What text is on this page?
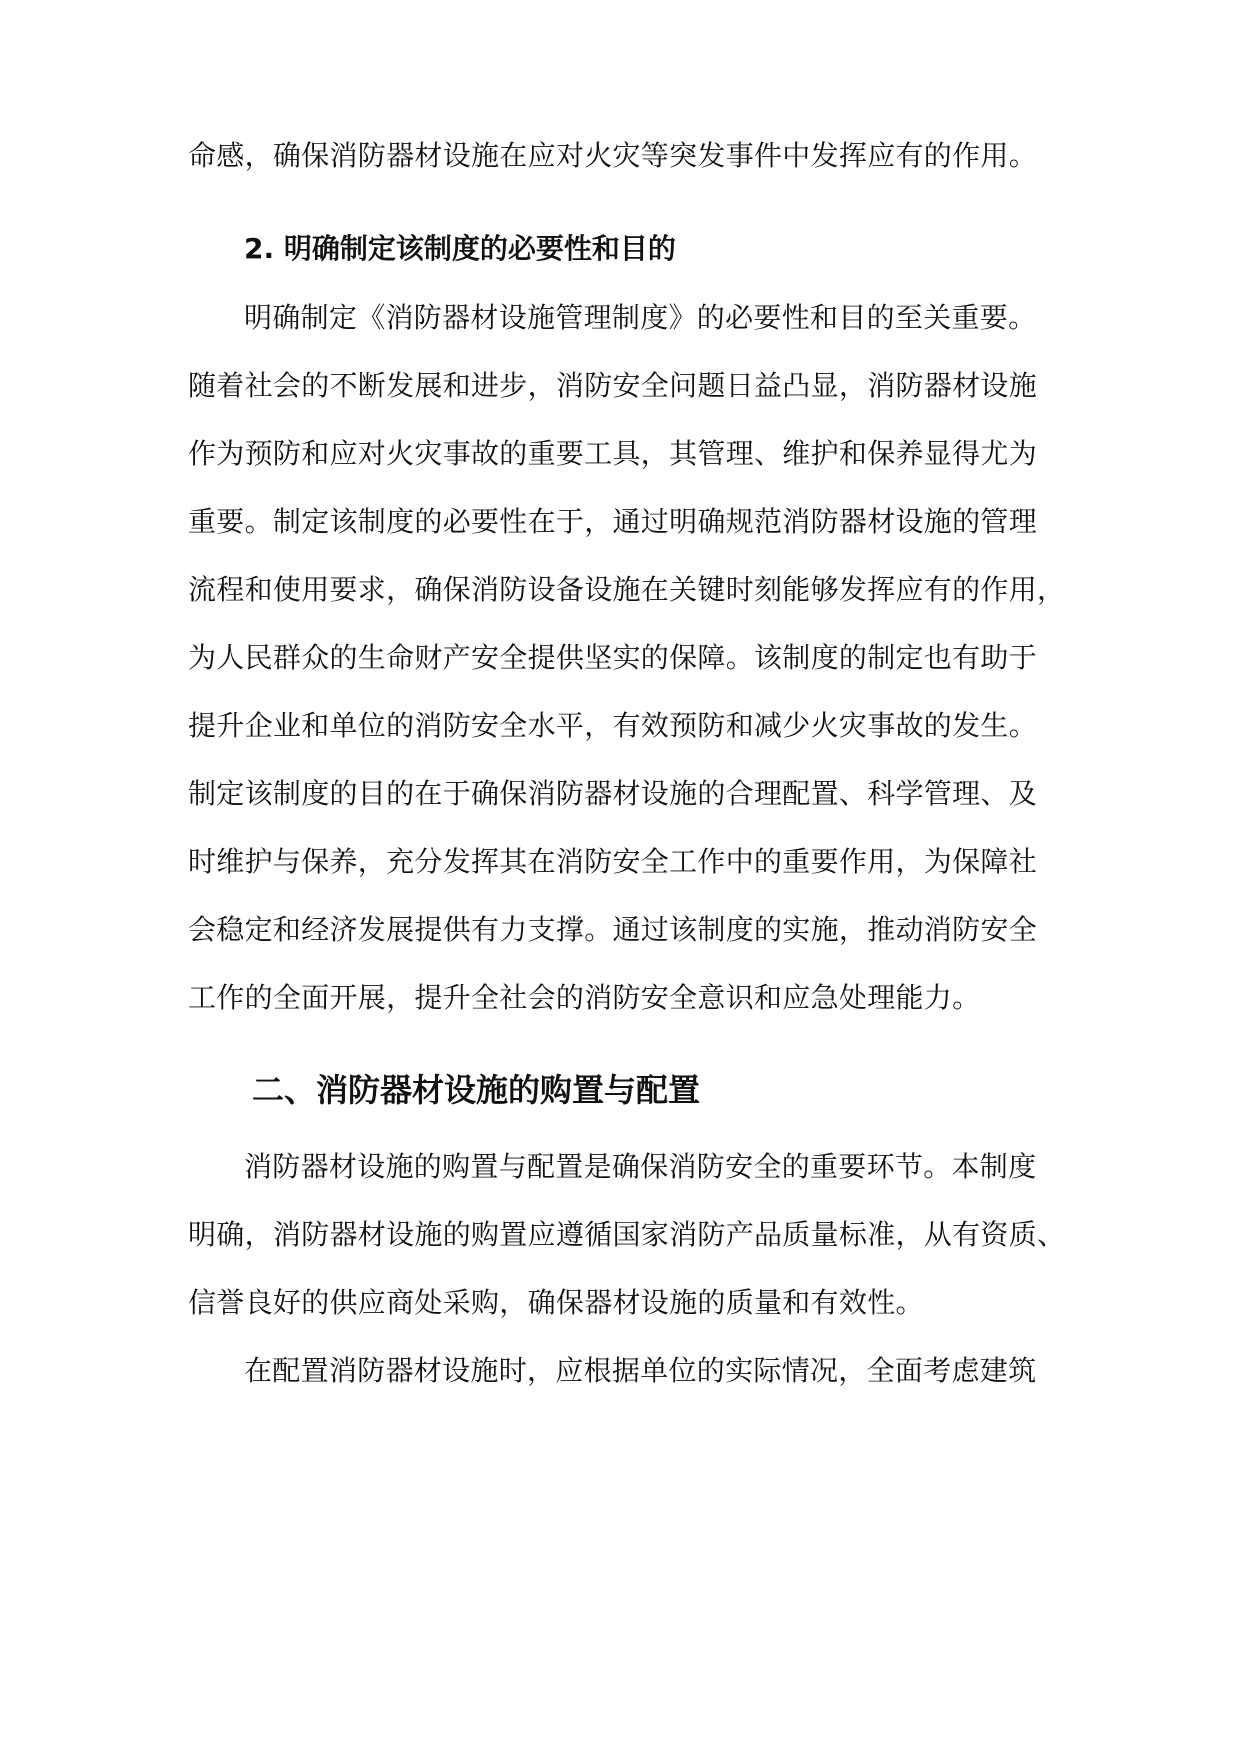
命感，确保消防器材设施在应对火灾等突发事件中发挥应有的作用。

2. 明确制定该制度的必要性和目的

明确制定《消防器材设施管理制度》的必要性和目的至关重要。

随着社会的不断发展和进步，消防安全问题日益凸显，消防器材设施

作为预防和应对火灾事故的重要工具，其管理、维护和保养显得尤为

重要。制定该制度的必要性在于，通过明确规范消防器材设施的管理

流程和使用要求，确保消防设备设施在关键时刻能够发挥应有的作用，

为人民群众的生命财产安全提供坚实的保障。该制度的制定也有助于

提升企业和单位的消防安全水平，有效预防和减少火灾事故的发生。

制定该制度的目的在于确保消防器材设施的合理配置、科学管理、及

时维护与保养，充分发挥其在消防安全工作中的重要作用，为保障社

会稳定和经济发展提供有力支撑。通过该制度的实施，推动消防安全

工作的全面开展，提升全社会的消防安全意识和应急处理能力。

二、消防器材设施的购置与配置

消防器材设施的购置与配置是确保消防安全的重要环节。本制度

明确，消防器材设施的购置应遵循国家消防产品质量标准，从有资质、

信誉良好的供应商处采购，确保器材设施的质量和有效性。

在配置消防器材设施时，应根据单位的实际情况，全面考虑建筑
